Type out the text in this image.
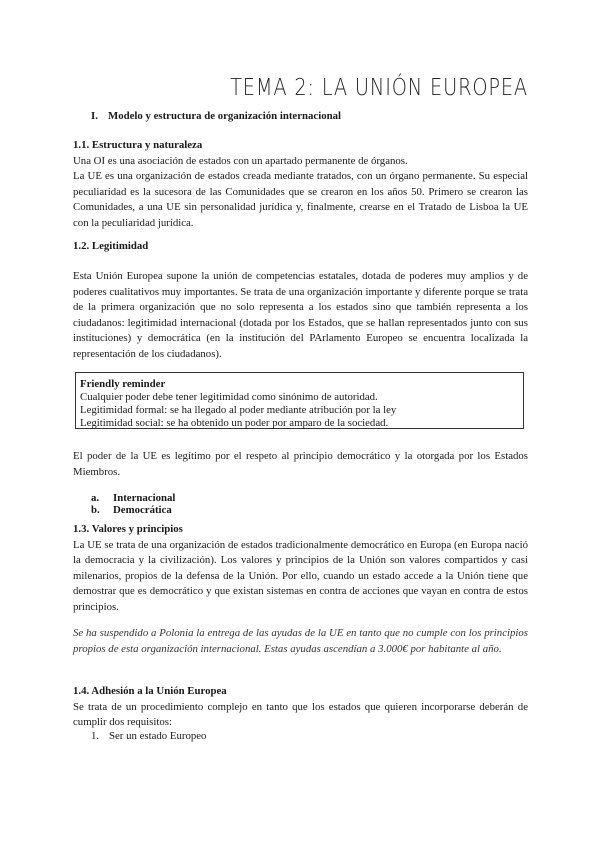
TEMA 2: LA UNIÓN EUROPEA
I. Modelo y estructura de organización internacional

1.1. Estructura y naturaleza

Una OI es una asociación de estados con un apartado permanente de órganos.

La UE es una organización de estados creada mediante tratados, con un órgano permanente. Su especial peculiaridad es la sucesora de las Comunidades que se crearon en los años 50. Primero se crearon las Comunidades, a una UE sin personalidad jurídica y, finalmente, crearse en el Tratado de Lisboa la UE con la peculiaridad jurídica.

1.2. Legitimidad

Esta Unión Europea supone la unión de competencias estatales, dotada de poderes muy amplios y de poderes cualitativos muy importantes. Se trata de una organización importante y diferente porque se trata de la primera organización que no solo representa a los estados sino que también representa a los ciudadanos: legitimidad internacional (dotada por los Estados, que se hallan representados junto con sus instituciones) y democrática (en la institución del PArlamento Europeo se encuentra localizada la representación de los ciudadanos).

Friendly reminder

Cualquier poder debe tener legitimidad como sinónimo de autoridad.

Legitimidad formal: se ha llegado al poder mediante atribución por la ley

Legitimidad social: se ha obtenido un poder por amparo de la sociedad.

El poder de la UE es legítimo por el respeto al principio democrático y la otorgada por los Estados Miembros.

a. Internacional
b. Democrática

1.3. Valores y principios

La UE se trata de una organización de estados tradicionalmente democrático en Europa (en Europa nació la democracia y la civilización). Los valores y principios de la Unión son valores compartidos y casi milenarios, propios de la defensa de la Unión. Por ello, cuando un estado accede a la Unión tiene que demostrar que es democrático y que existan sistemas en contra de acciones que vayan en contra de estos principios.

Se ha suspendido a Polonia la entrega de las ayudas de la UE en tanto que no cumple con los principios propios de esta organización internacional. Estas ayudas ascendían a 3.000€ por habitante al año.

1.4. Adhesión a la Unión Europea

Se trata de un procedimiento complejo en tanto que los estados que quieren incorporarse deberán de cumplir dos requisitos:

1. Ser un estado Europeo
